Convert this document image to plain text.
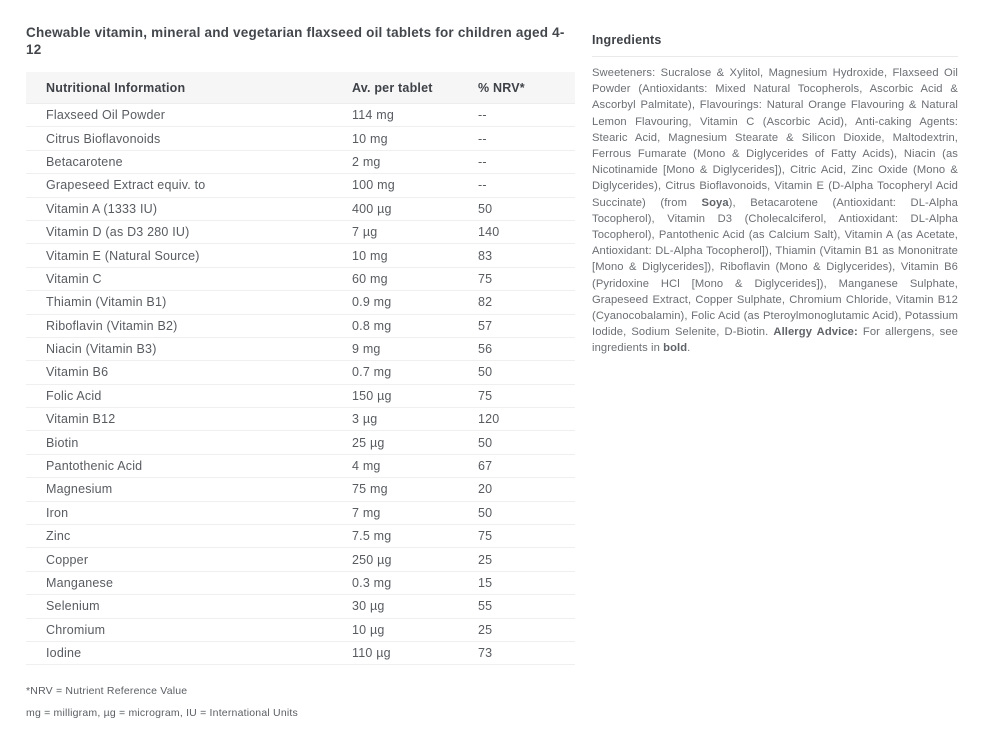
Chewable vitamin, mineral and vegetarian flaxseed oil tablets for children aged 4-12
Nutritional Information	Av. per tablet	% NRV*
Flaxseed Oil Powder	114 mg	--
Citrus Bioflavonoids	10 mg	--
Betacarotene	2 mg	--
Grapeseed Extract equiv. to	100 mg	--
Vitamin A (1333 IU)	400 µg	50
Vitamin D (as D3 280 IU)	7 µg	140
Vitamin E (Natural Source)	10 mg	83
Vitamin C	60 mg	75
Thiamin (Vitamin B1)	0.9 mg	82
Riboflavin (Vitamin B2)	0.8 mg	57
Niacin (Vitamin B3)	9 mg	56
Vitamin B6	0.7 mg	50
Folic Acid	150 µg	75
Vitamin B12	3 µg	120
Biotin	25 µg	50
Pantothenic Acid	4 mg	67
Magnesium	75 mg	20
Iron	7 mg	50
Zinc	7.5 mg	75
Copper	250 µg	25
Manganese	0.3 mg	15
Selenium	30 µg	55
Chromium	10 µg	25
Iodine	110 µg	73
*NRV = Nutrient Reference Value
mg = milligram, µg = microgram, IU = International Units
Ingredients

Sweeteners: Sucralose & Xylitol, Magnesium Hydroxide, Flaxseed Oil Powder (Antioxidants: Mixed Natural Tocopherols, Ascorbic Acid & Ascorbyl Palmitate), Flavourings: Natural Orange Flavouring & Natural Lemon Flavouring, Vitamin C (Ascorbic Acid), Anti-caking Agents: Stearic Acid, Magnesium Stearate & Silicon Dioxide, Maltodextrin, Ferrous Fumarate (Mono & Diglycerides of Fatty Acids), Niacin (as Nicotinamide [Mono & Diglycerides]), Citric Acid, Zinc Oxide (Mono & Diglycerides), Citrus Bioflavonoids, Vitamin E (D-Alpha Tocopheryl Acid Succinate) (from Soya), Betacarotene (Antioxidant: DL-Alpha Tocopherol), Vitamin D3 (Cholecalciferol, Antioxidant: DL-Alpha Tocopherol), Pantothenic Acid (as Calcium Salt), Vitamin A (as Acetate, Antioxidant: DL-Alpha Tocopherol]), Thiamin (Vitamin B1 as Mononitrate [Mono & Diglycerides]), Riboflavin (Mono & Diglycerides), Vitamin B6 (Pyridoxine HCl [Mono & Diglycerides]), Manganese Sulphate, Grapeseed Extract, Copper Sulphate, Chromium Chloride, Vitamin B12 (Cyanocobalamin), Folic Acid (as Pteroylmonoglutamic Acid), Potassium Iodide, Sodium Selenite, D-Biotin. Allergy Advice: For allergens, see ingredients in bold.
